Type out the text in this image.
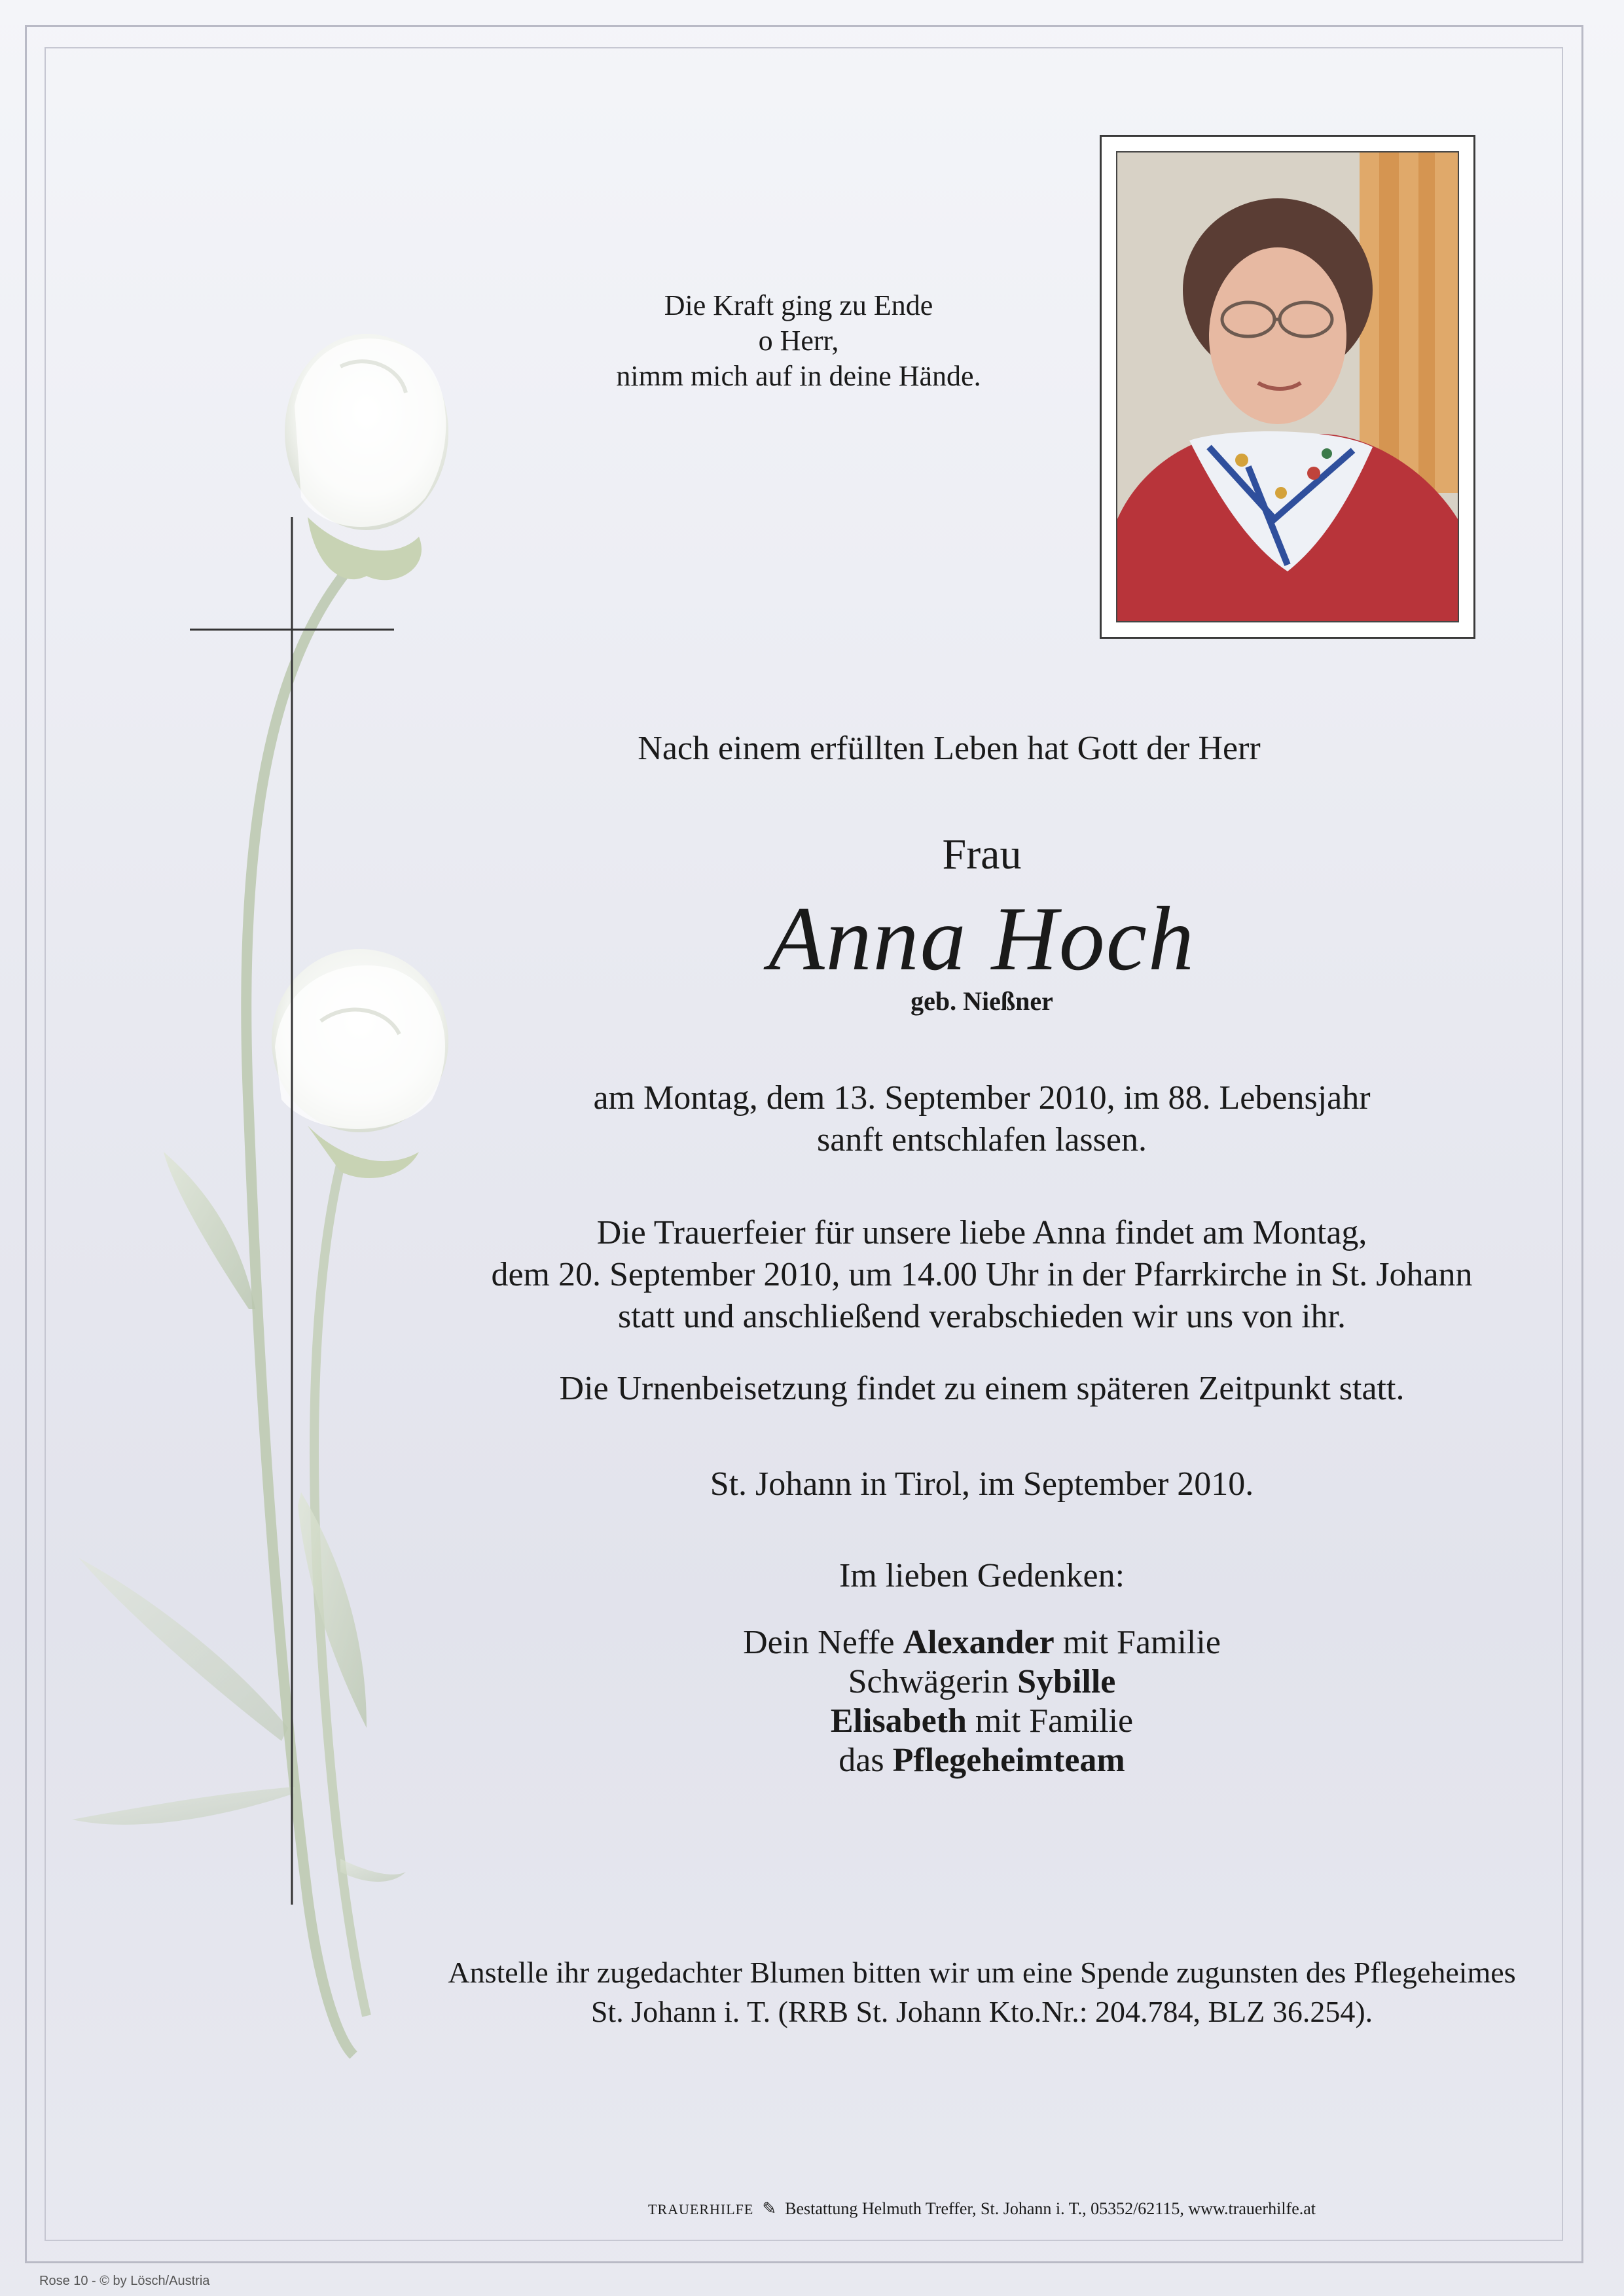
Die Kraft ging zu Ende
o Herr,
nimm mich auf in deine Hände.
Nach einem erfüllten Leben hat Gott der Herr
Frau
Anna Hoch
geb. Nießner
am Montag, dem 13. September 2010, im 88. Lebensjahr
sanft entschlafen lassen.
Die Trauerfeier für unsere liebe Anna findet am Montag,
dem 20. September 2010, um 14.00 Uhr in der Pfarrkirche in St. Johann
statt und anschließend verabschieden wir uns von ihr.
Die Urnenbeisetzung findet zu einem späteren Zeitpunkt statt.
St. Johann in Tirol, im September 2010.
Im lieben Gedenken:
Dein Neffe Alexander mit Familie
Schwägerin Sybille
Elisabeth mit Familie
das Pflegeheimteam
Anstelle ihr zugedachter Blumen bitten wir um eine Spende zugunsten des Pflegeheimes
St. Johann i. T. (RRB St. Johann Kto.Nr.: 204.784, BLZ 36.254).
TRAUERHILFE  ✎  Bestattung Helmuth Treffer, St. Johann i. T., 05352/62115, www.trauerhilfe.at
Rose 10 - © by Lösch/Austria
